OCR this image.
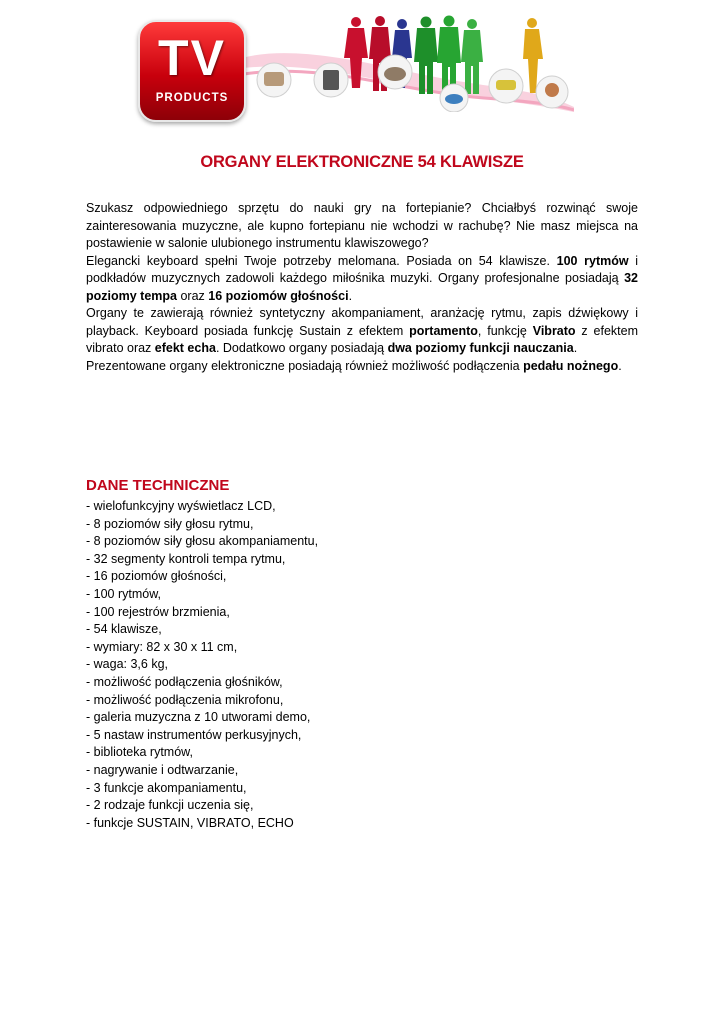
TV
PRODUCTS
ORGANY ELEKTRONICZNE 54 KLAWISZE

Szukasz odpowiedniego sprzętu do nauki gry na fortepianie? Chciałbyś rozwinąć swoje zainteresowania muzyczne, ale kupno fortepianu nie wchodzi w rachubę? Nie masz miejsca na postawienie w salonie ulubionego instrumentu klawiszowego?

Elegancki keyboard spełni Twoje potrzeby melomana. Posiada on 54 klawisze. 100 rytmów i podkładów muzycznych zadowoli każdego miłośnika muzyki. Organy profesjonalne posiadają 32 poziomy tempa oraz 16 poziomów głośności.

Organy te zawierają również syntetyczny akompaniament, aranżację rytmu, zapis dźwiękowy i playback. Keyboard posiada funkcję Sustain z efektem portamento, funkcję Vibrato z efektem vibrato oraz efekt echa. Dodatkowo organy posiadają dwa poziomy funkcji nauczania.

Prezentowane organy elektroniczne posiadają również możliwość podłączenia pedału nożnego.

DANE TECHNICZNE
- wielofunkcyjny wyświetlacz LCD,
- 8 poziomów siły głosu rytmu,
- 8 poziomów siły głosu akompaniamentu,
- 32 segmenty kontroli tempa rytmu,
- 16 poziomów głośności,
- 100 rytmów,
- 100 rejestrów brzmienia,
- 54 klawisze,
- wymiary: 82 x 30 x 11 cm,
- waga: 3,6 kg,
- możliwość podłączenia głośników,
- możliwość podłączenia mikrofonu,
- galeria muzyczna z 10 utworami demo,
- 5 nastaw instrumentów perkusyjnych,
- biblioteka rytmów,
- nagrywanie i odtwarzanie,
- 3 funkcje akompaniamentu,
- 2 rodzaje funkcji uczenia się,
- funkcje SUSTAIN, VIBRATO, ECHO
